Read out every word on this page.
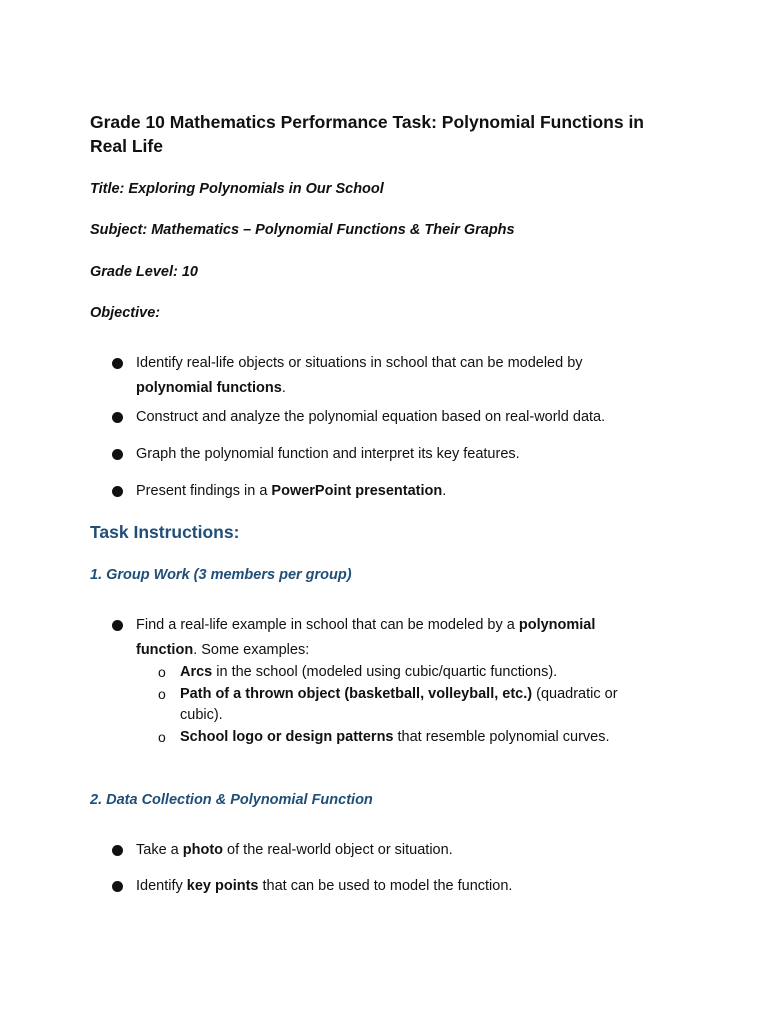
Grade 10 Mathematics Performance Task: Polynomial Functions in Real Life
Title: Exploring Polynomials in Our School
Subject: Mathematics – Polynomial Functions & Their Graphs
Grade Level: 10
Objective:
Identify real-life objects or situations in school that can be modeled by polynomial functions.
Construct and analyze the polynomial equation based on real-world data.
Graph the polynomial function and interpret its key features.
Present findings in a PowerPoint presentation.
Task Instructions:
1. Group Work (3 members per group)
Find a real-life example in school that can be modeled by a polynomial function. Some examples:
o Arcs in the school (modeled using cubic/quartic functions).
o Path of a thrown object (basketball, volleyball, etc.) (quadratic or cubic).
o School logo or design patterns that resemble polynomial curves.
2. Data Collection & Polynomial Function
Take a photo of the real-world object or situation.
Identify key points that can be used to model the function.
